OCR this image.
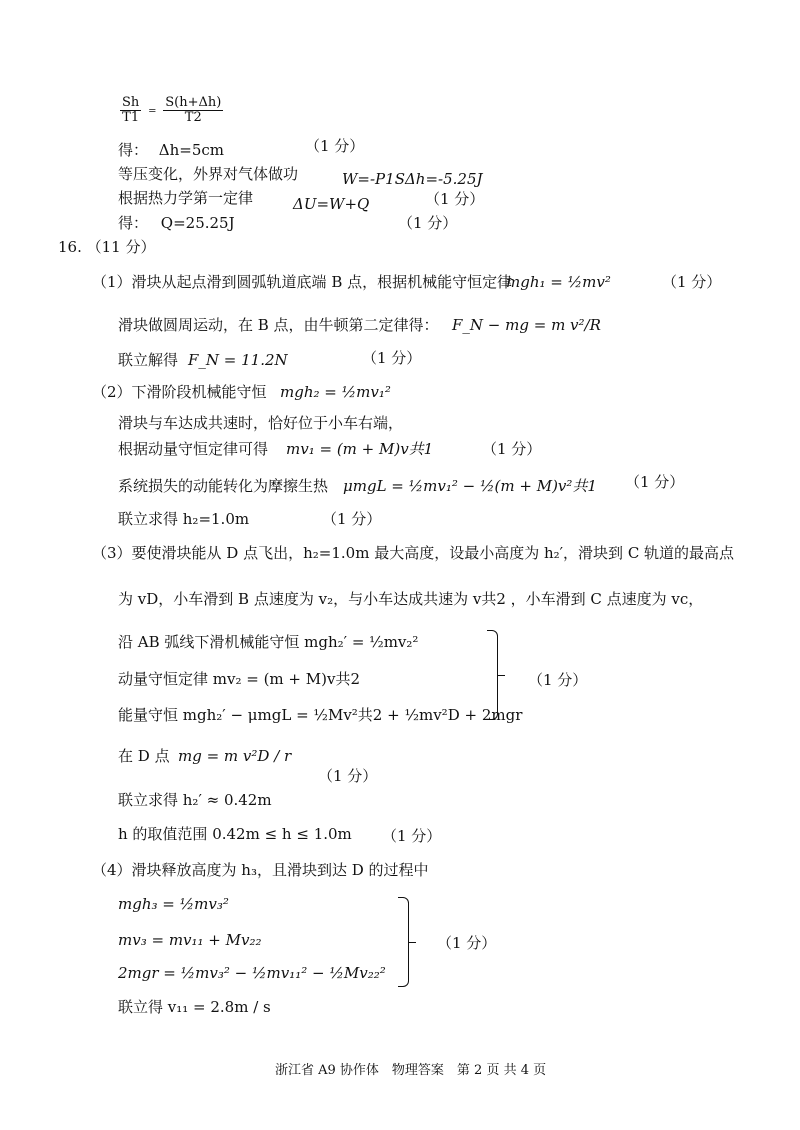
$\frac{Sh}{T1} = \frac{S(h+\Delta h)}{T2}$
得： Δh=5cm	（1 分）
等压变化，外界对气体做功	W=-P1SΔh=-5.25J
根据热力学第一定律	ΔU=W+Q	（1 分）
得： Q=25.25J	（1 分）
16. （11 分）
（1）滑块从起点滑到圆弧轨道底端 B 点，根据机械能守恒定律
mgh₁ = ½mv²	（1 分）
滑块做圆周运动，在 B 点，由牛顿第二定律得： F_N − mg = m v²/R
联立解得 F_N = 11.2N	（1 分）
（2）下滑阶段机械能守恒 mgh₂ = ½mv₁²
滑块与车达成共速时，恰好位于小车右端，
根据动量守恒定律可得 mv₁ = (m + M)v共1	（1 分）
系统损失的动能转化为摩擦生热 μmgL = ½mv₁² − ½(m + M)v²共1 （1 分）
联立求得 h₂=1.0m	（1 分）
（3）要使滑块能从 D 点飞出，h₂=1.0m 最大高度，设最小高度为 h₂′，滑块到 C 轨道的最高点
为 vD，小车滑到 B 点速度为 v₂，与小车达成共速为 v共2 ，小车滑到 C 点速度为 vc，
沿 AB 弧线下滑机械能守恒 mgh₂′ = ½mv₂²
动量守恒定律 mv₂ = (m + M)v共2
能量守恒 mgh₂′ − μmgL = ½Mv²共2 + ½mv²D + 2mgr
（1 分）
在 D 点 mg = m v²D / r
（1 分）
联立求得 h₂′ ≈ 0.42m
h 的取值范围 0.42m ≤ h ≤ 1.0m （1 分）
（4）滑块释放高度为 h₃，且滑块到达 D 的过程中
mgh₃ = ½mv₃²
mv₃ = mv₁₁ + Mv₂₂
2mgr = ½mv₃² − ½mv₁₁² − ½Mv₂₂²
（1 分）
联立得 v₁₁ = 2.8m / s
浙江省 A9 协作体　物理答案　第 2 页 共 4 页
